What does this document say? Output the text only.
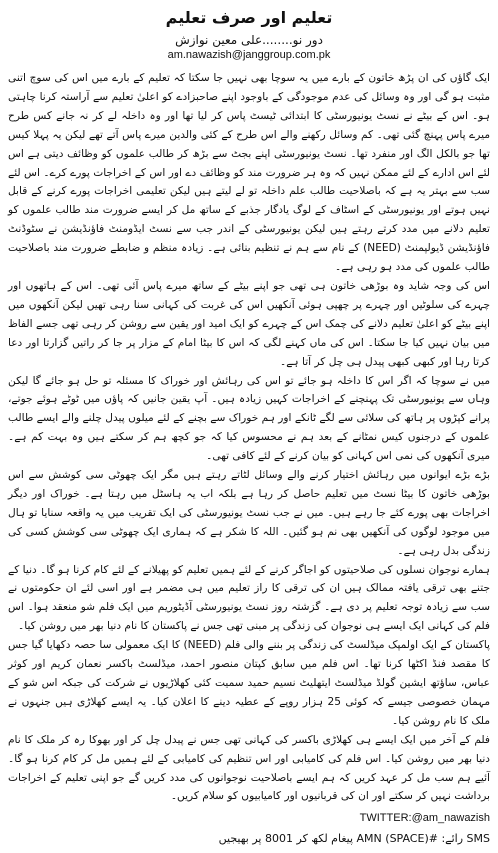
تعلیم اور صرف تعلیم
دور نو........علی معین نوازش
am.nawazish@janggroup.com.pk

ایک گاؤں کی ان پڑھ خاتون کے بارے میں یہ سوچا بھی نہیں جا سکتا کہ تعلیم کے بارے میں اس کی سوچ اتنی مثبت ہو گی اور وہ وسائل کی عدم موجودگی کے باوجود اپنے صاحبزادے کو اعلیٰ تعلیم سے آراستہ کرنا چاہتی ہو۔ اس کے بیٹے نے نسٹ یونیورسٹی کا ابتدائی ٹیسٹ پاس کر لیا تھا اور وہ داخلہ لے کر نہ جانے کس طرح میرے پاس پہنچ گئی تھی۔ کم وسائل رکھنے والے اس طرح کے کئی والدین میرے پاس آتے تھے لیکن یہ پہلا کیس تھا جو بالکل الگ اور منفرد تھا۔ نسٹ یونیورسٹی اپنے بجٹ سے بڑھ کر طالب علموں کو وظائف دیتی ہے اس لئے اس ادارے کے لئے ممکن نہیں کہ وہ ہر ضرورت مند کو وظائف دے اور اس کے اخراجات پورے کرے۔ اس لئے سب سے بہتر یہ ہے کہ باصلاحیت طالب علم داخلہ تو لے لیتے ہیں لیکن تعلیمی اخراجات پورے کرنے کے قابل نہیں ہوتے اور یونیورسٹی کے اسٹاف کے لوگ یادگار جذبے کے ساتھ مل کر ایسے ضرورت مند طالب علموں کو تعلیم دلانے میں مدد کرتے رہتے ہیں لیکن یونیورسٹی کے اندر جب سے نسٹ ایڈومنٹ فاؤنڈیشن نے سٹوڈنٹ فاؤنڈیشن ڈیولپمنٹ (NEED) کے نام سے ہم نے تنظیم بنائی ہے۔ زیادہ منظم و ضابطے ضرورت مند باصلاحیت طالب علموں کی مدد ہو رہی ہے۔

اس کی وجہ شاید وہ بوڑھی خاتون ہی تھی جو اپنے بیٹے کے ساتھ میرے پاس آئی تھی۔ اس کے ہاتھوں اور چہرے کی سلوٹیں اور چہرے پر چھپی ہوئی آنکھیں اس کی غربت کی کہانی سنا رہی تھیں لیکن آنکھوں میں اپنے بیٹے کو اعلیٰ تعلیم دلانے کی چمک اس کے چہرے کو ایک امید اور یقین سے روشن کر رہی تھی جسے الفاظ میں بیان نہیں کیا جا سکتا۔ اس کی ماں کہنے لگی کہ اس کا بیٹا امام کے مزار پر جا کر راتیں گزارتا اور دعا کرتا رہا اور کبھی کبھی پیدل ہی چل کر آتا ہے۔

میں نے سوچا کہ اگر اس کا داخلہ ہو جائے تو اس کی رہائش اور خوراک کا مسئلہ تو حل ہو جائے گا لیکن وہاں سے یونیورسٹی تک پہنچنے کے اخراجات کہیں زیادہ ہیں۔ آپ یقین جانیں کہ پاؤں میں ٹوٹے ہوئے جوتے، پرانے کپڑوں پر ہاتھ کی سلائی سے لگے ٹانکے اور ہم خوراک سے بچنے کے لئے میلوں پیدل چلنے والے ایسے طالب علموں کے درجنوں کیس نمٹانے کے بعد ہم نے محسوس کیا کہ جو کچھ ہم کر سکتے ہیں وہ بہت کم ہے۔ میری آنکھوں کی نمی اس کہانی کو بیان کرنے کے لئے کافی تھی۔

بڑے بڑے ایوانوں میں رہائش اختیار کرنے والے وسائل لٹاتے رہتے ہیں مگر ایک چھوٹی سی کوشش سے اس بوڑھی خاتون کا بیٹا نسٹ میں تعلیم حاصل کر رہا ہے بلکہ اب یہ ہاسٹل میں رہتا ہے۔ خوراک اور دیگر اخراجات بھی پورے کئے جا رہے ہیں۔ میں نے جب نسٹ یونیورسٹی کی ایک تقریب میں یہ واقعہ سنایا تو ہال میں موجود لوگوں کی آنکھیں بھی نم ہو گئیں۔ اللہ کا شکر ہے کہ ہماری ایک چھوٹی سی کوشش کسی کی زندگی بدل رہی ہے۔

ہمارے نوجوان نسلوں کی صلاحیتوں کو اجاگر کرنے کے لئے ہمیں تعلیم کو پھیلانے کے لئے کام کرنا ہو گا۔ دنیا کے جتنے بھی ترقی یافتہ ممالک ہیں ان کی ترقی کا راز تعلیم میں ہی مضمر ہے اور اسی لئے ان حکومتوں نے سب سے زیادہ توجہ تعلیم پر دی ہے۔ گزشتہ روز نسٹ یونیورسٹی آڈیٹوریم میں ایک فلم شو منعقد ہوا۔ اس فلم کی کہانی ایک ایسے ہی نوجوان کی زندگی پر مبنی تھی جس نے پاکستان کا نام دنیا بھر میں روشن کیا۔

پاکستان کے ایک اولمپک میڈلسٹ کی زندگی پر بننے والی فلم (NEED) کا ایک معمولی سا حصہ دکھایا گیا جس کا مقصد فنڈ اکٹھا کرنا تھا۔ اس فلم میں سابق کپتان منصور احمد، میڈلسٹ باکسر نعمان کریم اور کوثر عباس، ساؤتھ ایشین گولڈ میڈلسٹ ایتھلیٹ نسیم حمید سمیت کئی کھلاڑیوں نے شرکت کی جبکہ اس شو کے مہمان خصوصی جیسے کہ کوئی 25 ہزار روپے کے عطیہ دینے کا اعلان کیا۔ یہ ایسے کھلاڑی ہیں جنہوں نے ملک کا نام روشن کیا۔

فلم کے آخر میں ایک ایسے ہی کھلاڑی باکسر کی کہانی تھی جس نے پیدل چل کر اور بھوکا رہ کر ملک کا نام دنیا بھر میں روشن کیا۔ اس فلم کی کامیابی اور اس تنظیم کی کامیابی کے لئے ہمیں مل کر کام کرنا ہو گا۔ آئیے ہم سب مل کر عہد کریں کہ ہم ایسے باصلاحیت نوجوانوں کی مدد کریں گے جو اپنی تعلیم کے اخراجات برداشت نہیں کر سکتے اور ان کی قربانیوں اور کامیابیوں کو سلام کریں۔

TWITTER:@am_nawazish
SMS رائے: #AMN (SPACE) پیغام لکھ کر 8001 پر بھیجیں
